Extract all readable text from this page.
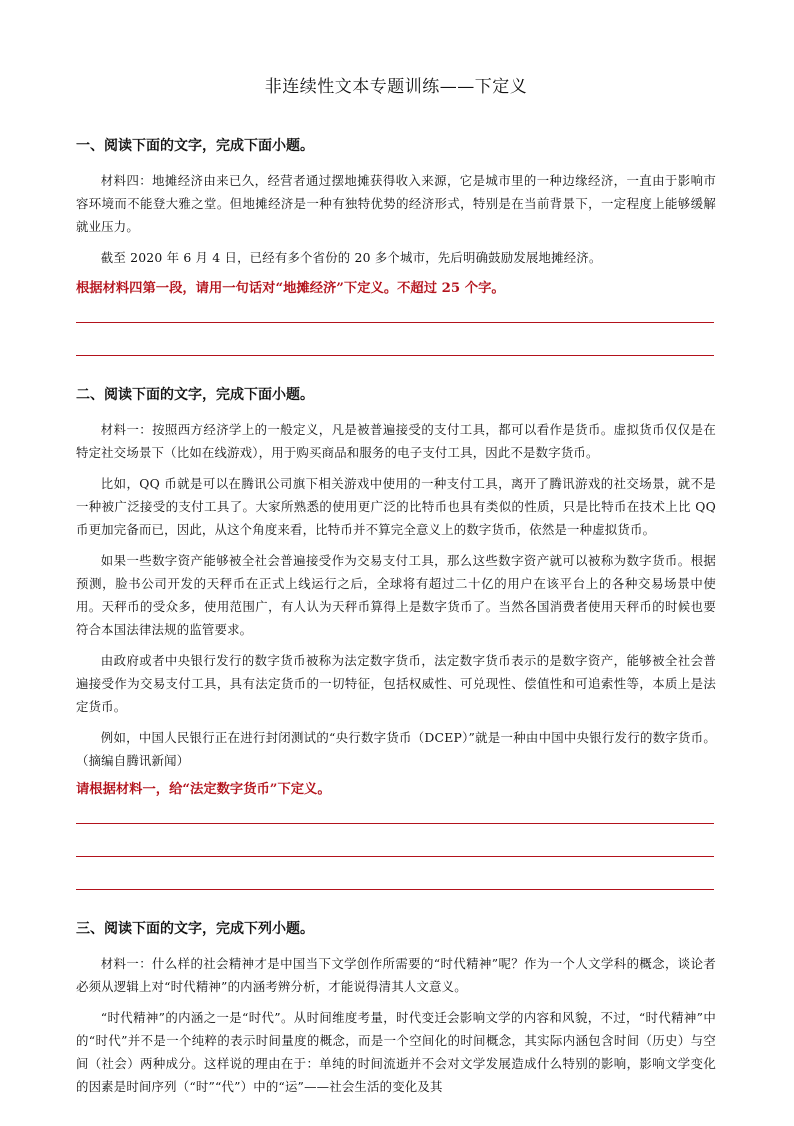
非连续性文本专题训练——下定义
一、阅读下面的文字，完成下面小题。

材料四：地摊经济由来已久，经营者通过摆地摊获得收入来源，它是城市里的一种边缘经济，一直由于影响市容环境而不能登大雅之堂。但地摊经济是一种有独特优势的经济形式，特别是在当前背景下，一定程度上能够缓解就业压力。

截至 2020 年 6 月 4 日，已经有多个省份的 20 多个城市，先后明确鼓励发展地摊经济。

根据材料四第一段，请用一句话对“地摊经济”下定义。不超过 25 个字。
二、阅读下面的文字，完成下面小题。

材料一：按照西方经济学上的一般定义，凡是被普遍接受的支付工具，都可以看作是货币。虚拟货币仅仅是在特定社交场景下（比如在线游戏），用于购买商品和服务的电子支付工具，因此不是数字货币。

比如，QQ 币就是可以在腾讯公司旗下相关游戏中使用的一种支付工具，离开了腾讯游戏的社交场景，就不是一种被广泛接受的支付工具了。大家所熟悉的使用更广泛的比特币也具有类似的性质，只是比特币在技术上比 QQ 币更加完备而已，因此，从这个角度来看，比特币并不算完全意义上的数字货币，依然是一种虚拟货币。

如果一些数字资产能够被全社会普遍接受作为交易支付工具，那么这些数字资产就可以被称为数字货币。根据预测，脸书公司开发的天秤币在正式上线运行之后，全球将有超过二十亿的用户在该平台上的各种交易场景中使用。天秤币的受众多，使用范围广，有人认为天秤币算得上是数字货币了。当然各国消费者使用天秤币的时候也要符合本国法律法规的监管要求。

由政府或者中央银行发行的数字货币被称为法定数字货币，法定数字货币表示的是数字资产，能够被全社会普遍接受作为交易支付工具，具有法定货币的一切特征，包括权威性、可兑现性、偿值性和可追索性等，本质上是法定货币。

例如，中国人民银行正在进行封闭测试的“央行数字货币（DCEP）”就是一种由中国中央银行发行的数字货币。（摘编自腾讯新闻）

请根据材料一，给“法定数字货币”下定义。
三、阅读下面的文字，完成下列小题。

材料一：什么样的社会精神才是中国当下文学创作所需要的“时代精神”呢？作为一个人文学科的概念，谈论者必须从逻辑上对“时代精神”的内涵考辨分析，才能说得清其人文意义。

“时代精神”的内涵之一是“时代”。从时间维度考量，时代变迁会影响文学的内容和风貌，不过，“时代精神”中的“时代”并不是一个纯粹的表示时间量度的概念，而是一个空间化的时间概念，其实际内涵包含时间（历史）与空间（社会）两种成分。这样说的理由在于：单纯的时间流逝并不会对文学发展造成什么特别的影响，影响文学变化的因素是时间序列（“时”“代”）中的“运”——社会生活的变化及其
